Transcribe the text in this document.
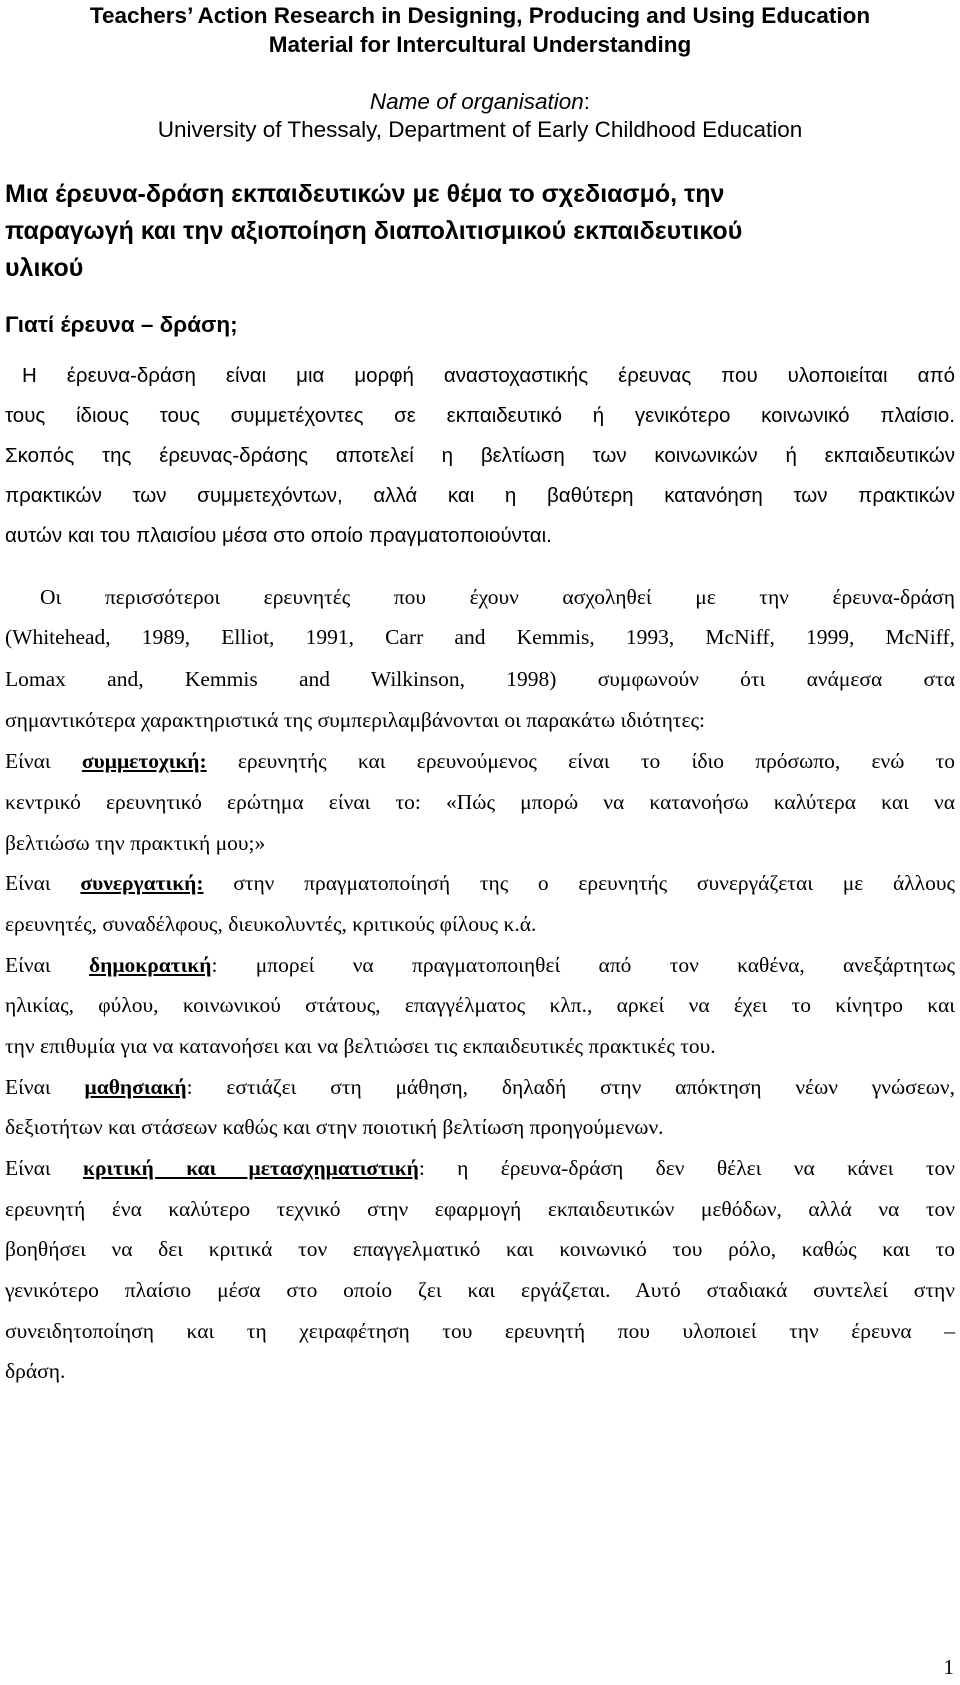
Teachers’ Action Research in Designing, Producing and Using Education
Material for Intercultural Understanding
Name of organisation:
University of Thessaly, Department of Early Childhood Education
Μια έρευνα-δράση εκπαιδευτικών με θέμα το σχεδιασμό, την
παραγωγή και την αξιοποίηση διαπολιτισμικού εκπαιδευτικού
υλικού
Γιατί έρευνα – δράση;
Η έρευνα-δράση είναι μια μορφή αναστοχαστικής έρευνας που υλοποιείται από
τους ίδιους τους συμμετέχοντες σε εκπαιδευτικό ή γενικότερο κοινωνικό πλαίσιο.
Σκοπός της έρευνας-δράσης αποτελεί η βελτίωση των κοινωνικών ή εκπαιδευτικών
πρακτικών των συμμετεχόντων, αλλά και η βαθύτερη κατανόηση των πρακτικών
αυτών και του πλαισίου μέσα στο οποίο πραγματοποιούνται.
Οι περισσότεροι ερευνητές που έχουν ασχοληθεί με την έρευνα-δράση
(Whitehead, 1989, Elliot, 1991, Carr and Kemmis, 1993, McNiff, 1999, McNiff,
Lomax and, Kemmis and Wilkinson, 1998) συμφωνούν ότι ανάμεσα στα
σημαντικότερα χαρακτηριστικά της συμπεριλαμβάνονται οι παρακάτω ιδιότητες:
Είναι συμμετοχική: ερευνητής και ερευνούμενος είναι το ίδιο πρόσωπο, ενώ το
κεντρικό ερευνητικό ερώτημα είναι το: «Πώς μπορώ να κατανοήσω καλύτερα και να
βελτιώσω την πρακτική μου;»
Είναι συνεργατική: στην πραγματοποίησή της ο ερευνητής συνεργάζεται με άλλους
ερευνητές, συναδέλφους, διευκολυντές, κριτικούς φίλους κ.ά.
Είναι δημοκρατική: μπορεί να πραγματοποιηθεί από τον καθένα, ανεξάρτητως
ηλικίας, φύλου, κοινωνικού στάτους, επαγγέλματος κλπ., αρκεί να έχει το κίνητρο και
την επιθυμία για να κατανοήσει και να βελτιώσει τις εκπαιδευτικές πρακτικές του.
Είναι μαθησιακή: εστιάζει στη μάθηση, δηλαδή στην απόκτηση νέων γνώσεων,
δεξιοτήτων και στάσεων καθώς και στην ποιοτική βελτίωση προηγούμενων.
Είναι κριτική και μετασχηματιστική: η έρευνα-δράση δεν θέλει να κάνει τον
ερευνητή ένα καλύτερο τεχνικό στην εφαρμογή εκπαιδευτικών μεθόδων, αλλά να τον
βοηθήσει να δει κριτικά τον επαγγελματικό και κοινωνικό του ρόλο, καθώς και το
γενικότερο πλαίσιο μέσα στο οποίο ζει και εργάζεται. Αυτό σταδιακά συντελεί στην
συνειδητοποίηση και τη χειραφέτηση του ερευνητή που υλοποιεί την έρευνα –
δράση.
1
